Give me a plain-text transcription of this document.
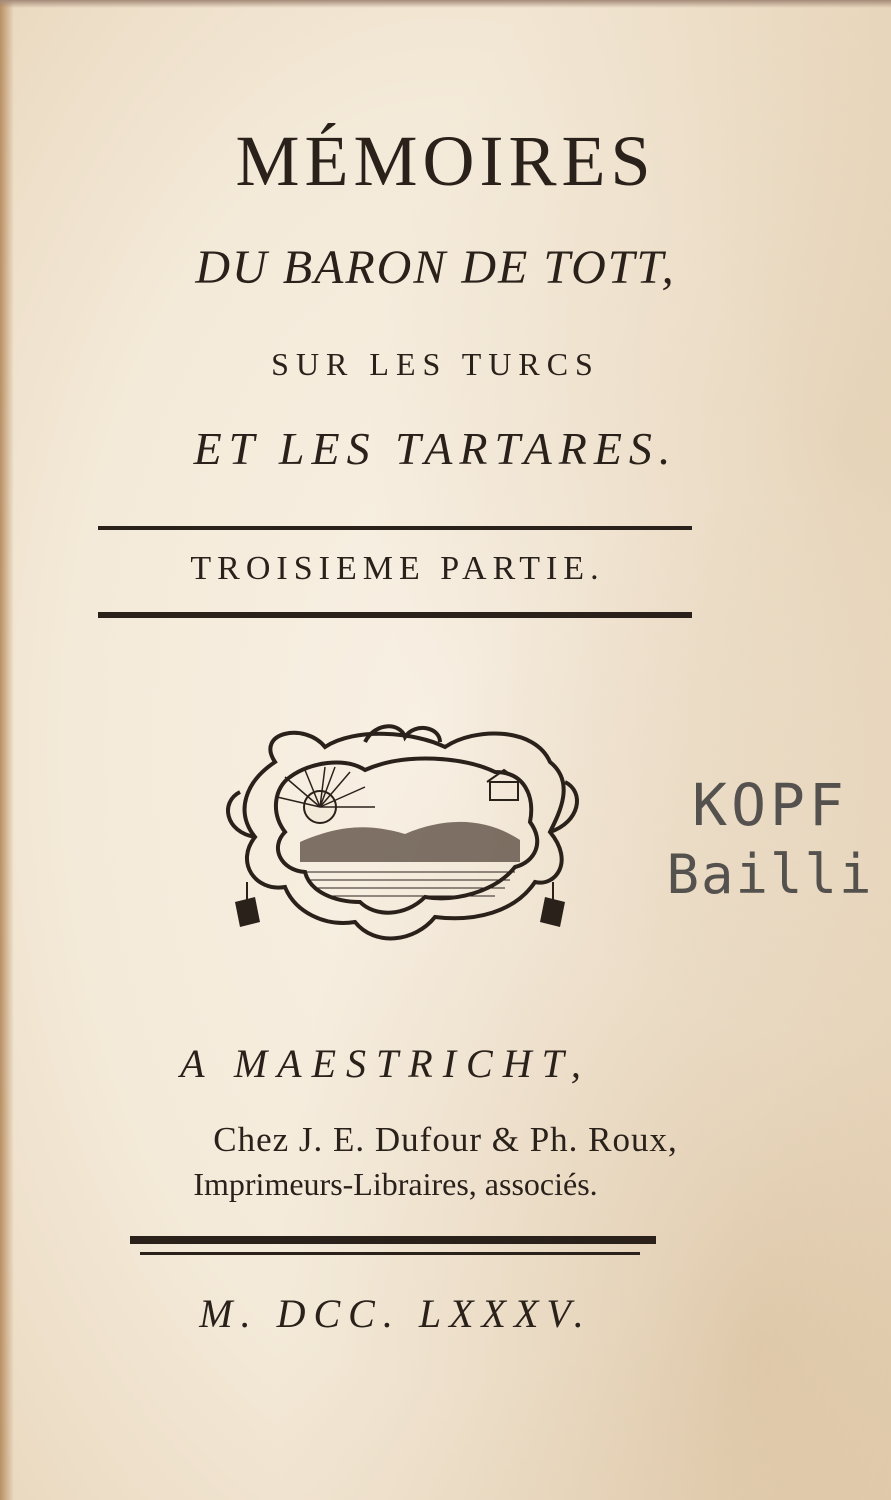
MÉMOIRES
DU BARON DE TOTT,
SUR LES TURCS
ET LES TARTARES.
TROISIEME PARTIE.
KOPF
Bailli
A MAESTRICHT,
Chez J. E. Dufour & Ph. Roux,
Imprimeurs-Libraires, associés.
M. DCC. LXXXV.
